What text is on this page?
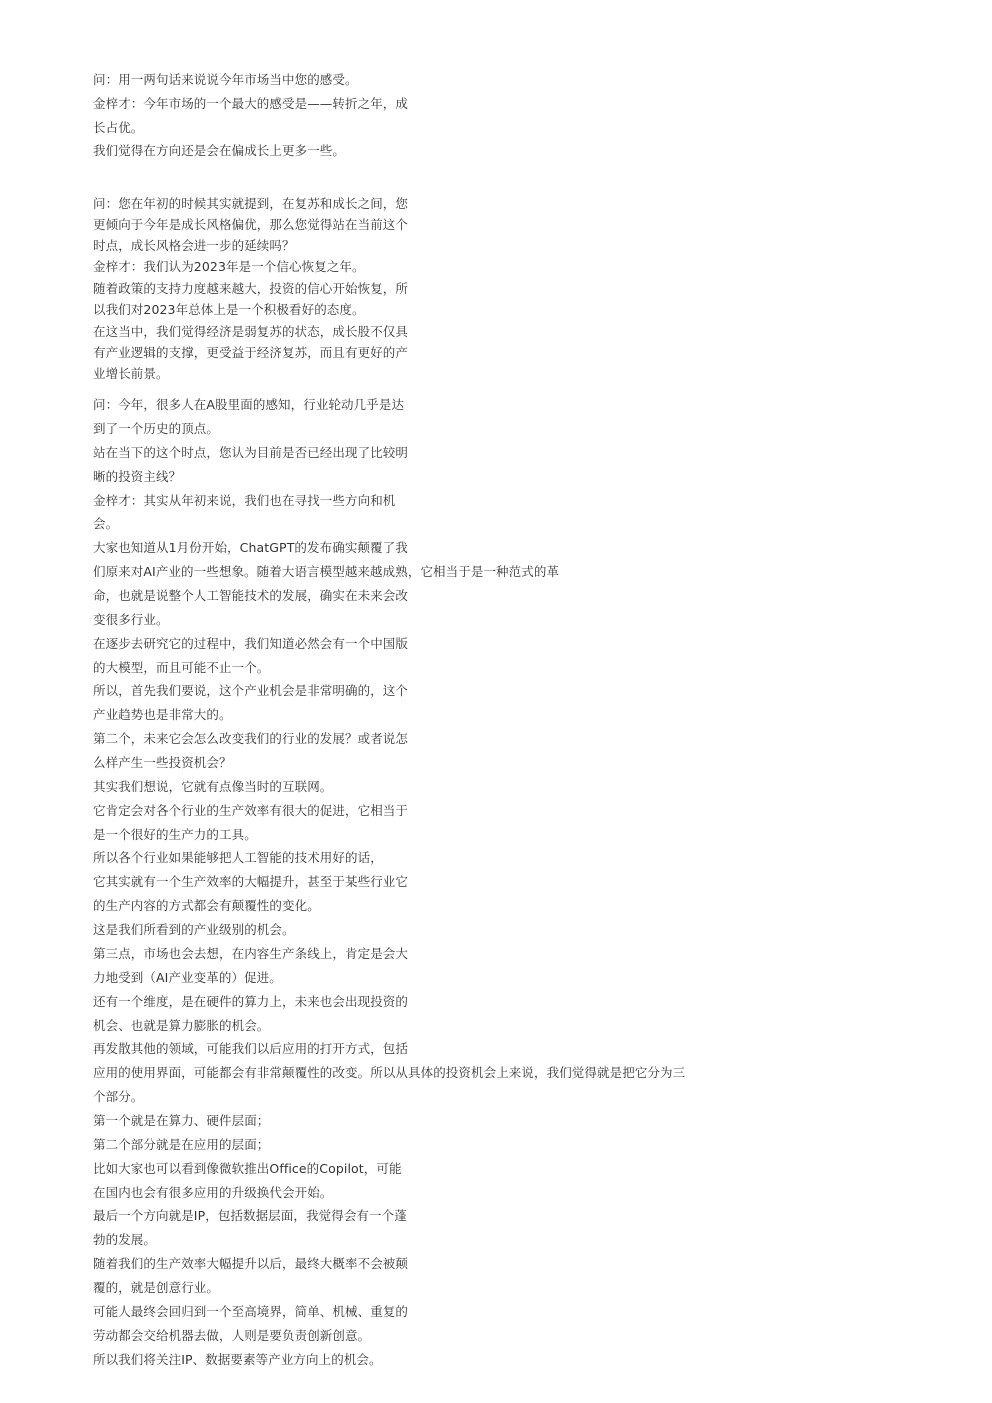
问：用一两句话来说说今年市场当中您的感受。
金梓才：今年市场的一个最大的感受是——转折之年，成
长占优。
我们觉得在方向还是会在偏成长上更多一些。
问：您在年初的时候其实就提到，在复苏和成长之间，您
更倾向于今年是成长风格偏优，那么您觉得站在当前这个
时点，成长风格会进一步的延续吗？
金梓才：我们认为2023年是一个信心恢复之年。
随着政策的支持力度越来越大，投资的信心开始恢复，所
以我们对2023年总体上是一个积极看好的态度。
在这当中，我们觉得经济是弱复苏的状态，成长股不仅具
有产业逻辑的支撑，更受益于经济复苏，而且有更好的产
业增长前景。
问：今年，很多人在A股里面的感知，行业轮动几乎是达
到了一个历史的顶点。
站在当下的这个时点，您认为目前是否已经出现了比较明
晰的投资主线？
金梓才：其实从年初来说，我们也在寻找一些方向和机
会。
大家也知道从1月份开始，ChatGPT的发布确实颠覆了我
们原来对AI产业的一些想象。随着大语言模型越来越成熟，它相当于是一种范式的革
命，也就是说整个人工智能技术的发展，确实在未来会改
变很多行业。
在逐步去研究它的过程中，我们知道必然会有一个中国版
的大模型，而且可能不止一个。
所以，首先我们要说，这个产业机会是非常明确的，这个
产业趋势也是非常大的。
第二个，未来它会怎么改变我们的行业的发展？或者说怎
么样产生一些投资机会？
其实我们想说，它就有点像当时的互联网。
它肯定会对各个行业的生产效率有很大的促进，它相当于
是一个很好的生产力的工具。
所以各个行业如果能够把人工智能的技术用好的话，
它其实就有一个生产效率的大幅提升，甚至于某些行业它
的生产内容的方式都会有颠覆性的变化。
这是我们所看到的产业级别的机会。
第三点，市场也会去想，在内容生产条线上，肯定是会大
力地受到（AI产业变革的）促进。
还有一个维度，是在硬件的算力上，未来也会出现投资的
机会、也就是算力膨胀的机会。
再发散其他的领域，可能我们以后应用的打开方式，包括
应用的使用界面，可能都会有非常颠覆性的改变。所以从具体的投资机会上来说，我们觉得就是把它分为三
个部分。
第一个就是在算力、硬件层面；
第二个部分就是在应用的层面；
比如大家也可以看到像微软推出Office的Copilot，可能
在国内也会有很多应用的升级换代会开始。
最后一个方向就是IP，包括数据层面，我觉得会有一个蓬
勃的发展。
随着我们的生产效率大幅提升以后，最终大概率不会被颠
覆的，就是创意行业。
可能人最终会回归到一个至高境界，简单、机械、重复的
劳动都会交给机器去做，人则是要负责创新创意。
所以我们将关注IP、数据要素等产业方向上的机会。
